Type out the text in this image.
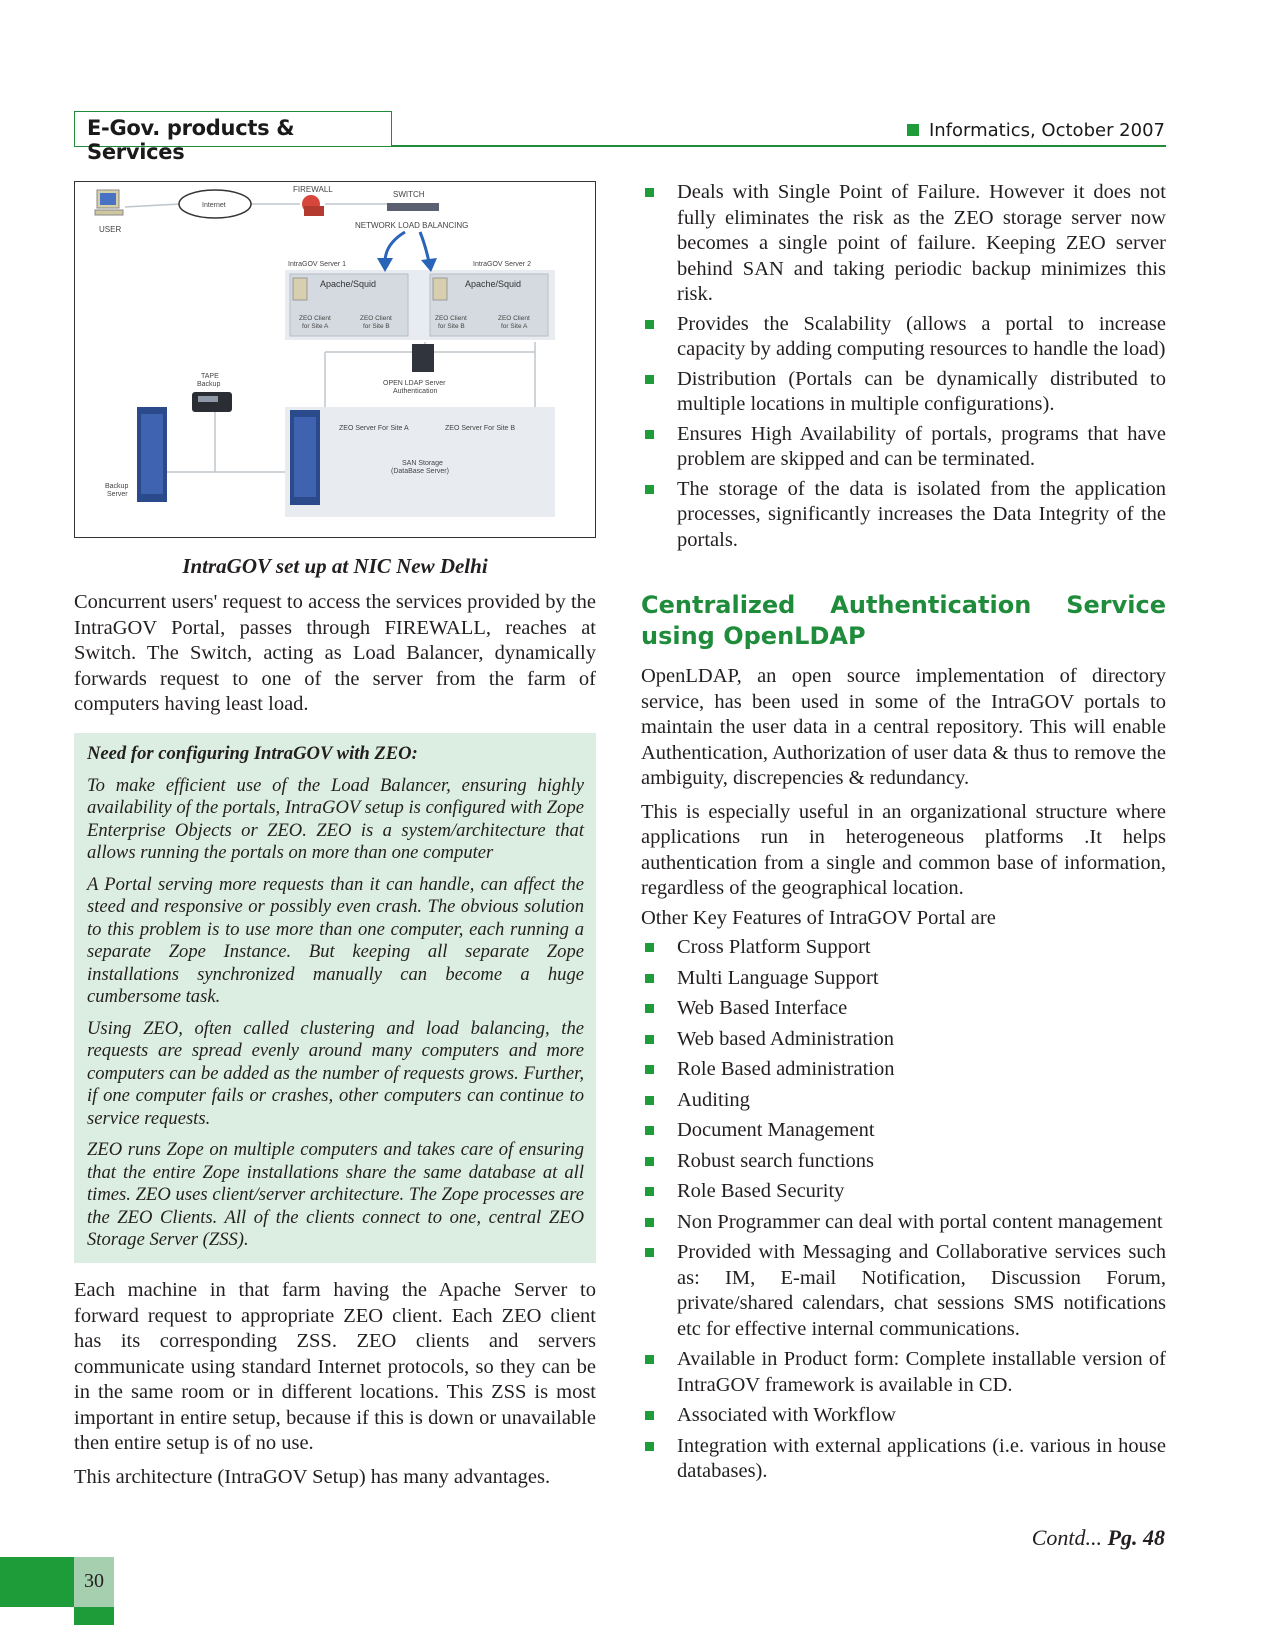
E-Gov. products & Services
Informatics, October 2007
USER
Internet
FIREWALL
SWITCH
NETWORK LOAD BALANCING
IntraGOV Server 1	IntraGOV Server 2
Apache/Squid	Apache/Squid
ZEO Client
for Site A
ZEO Client
for Site B
ZEO Client
for Site B
ZEO Client
for Site A
OPEN LDAP Server
Authentication
TAPE
Backup
Backup
Server
ZEO Server For Site A	ZEO Server For Site B
SAN Storage
(DataBase Server)
IntraGOV set up at NIC New Delhi

Concurrent users' request to access the services provided by the IntraGOV Portal, passes through FIREWALL, reaches at Switch. The Switch, acting as Load Balancer, dynamically forwards request to one of the server from the farm of computers having least load.

Need for configuring IntraGOV with ZEO:

To make efficient use of the Load Balancer, ensuring highly availability of the portals, IntraGOV setup is configured with Zope Enterprise Objects or ZEO. ZEO is a system/architecture that allows running the portals on more than one computer

A Portal serving more requests than it can handle, can affect the steed and responsive or possibly even crash. The obvious solution to this problem is to use more than one computer, each running a separate Zope Instance. But keeping all separate Zope installations synchronized manually can become a huge cumbersome task.

Using ZEO, often called clustering and load balancing, the requests are spread evenly around many computers and more computers can be added as the number of requests grows. Further, if one computer fails or crashes, other computers can continue to service requests.

ZEO runs Zope on multiple computers and takes care of ensuring that the entire Zope installations share the same database at all times. ZEO uses client/server architecture. The Zope processes are the ZEO Clients. All of the clients connect to one, central ZEO Storage Server (ZSS).

Each machine in that farm having the Apache Server to forward request to appropriate ZEO client. Each ZEO client has its corresponding ZSS. ZEO clients and servers communicate using standard Internet protocols, so they can be in the same room or in different locations. This ZSS is most important in entire setup, because if this is down or unavailable then entire setup is of no use.

This architecture (IntraGOV Setup) has many advantages.

Deals with Single Point of Failure. However it does not fully eliminates the risk as the ZEO storage server now becomes a single point of failure. Keeping ZEO server behind SAN and taking periodic backup minimizes this risk.
Provides the Scalability (allows a portal to increase capacity by adding computing resources to handle the load)
Distribution (Portals can be dynamically distributed to multiple locations in multiple configurations).
Ensures High Availability of portals, programs that have problem are skipped and can be terminated.
The storage of the data is isolated from the application processes, significantly increases the Data Integrity of the portals.
Centralized Authentication Service using OpenLDAP

OpenLDAP, an open source implementation of directory service, has been used in some of the IntraGOV portals to maintain the user data in a central repository. This will enable Authentication, Authorization of user data & thus to remove the ambiguity, discrepencies & redundancy.

This is especially useful in an organizational structure where applications run in heterogeneous platforms .It helps authentication from a single and common base of information, regardless of the geographical location.

Other Key Features of IntraGOV Portal are

Cross Platform Support
Multi Language Support
Web Based Interface
Web based Administration
Role Based administration
Auditing
Document Management
Robust search functions
Role Based Security
Non Programmer can deal with portal content management
Provided with Messaging and Collaborative services such as: IM, E-mail Notification, Discussion Forum, private/shared calendars, chat sessions SMS notifications etc for effective internal communications.
Available in Product form: Complete installable version of IntraGOV framework is available in CD.
Associated with Workflow
Integration with external applications (i.e. various in house databases).
Contd... Pg. 48
30
